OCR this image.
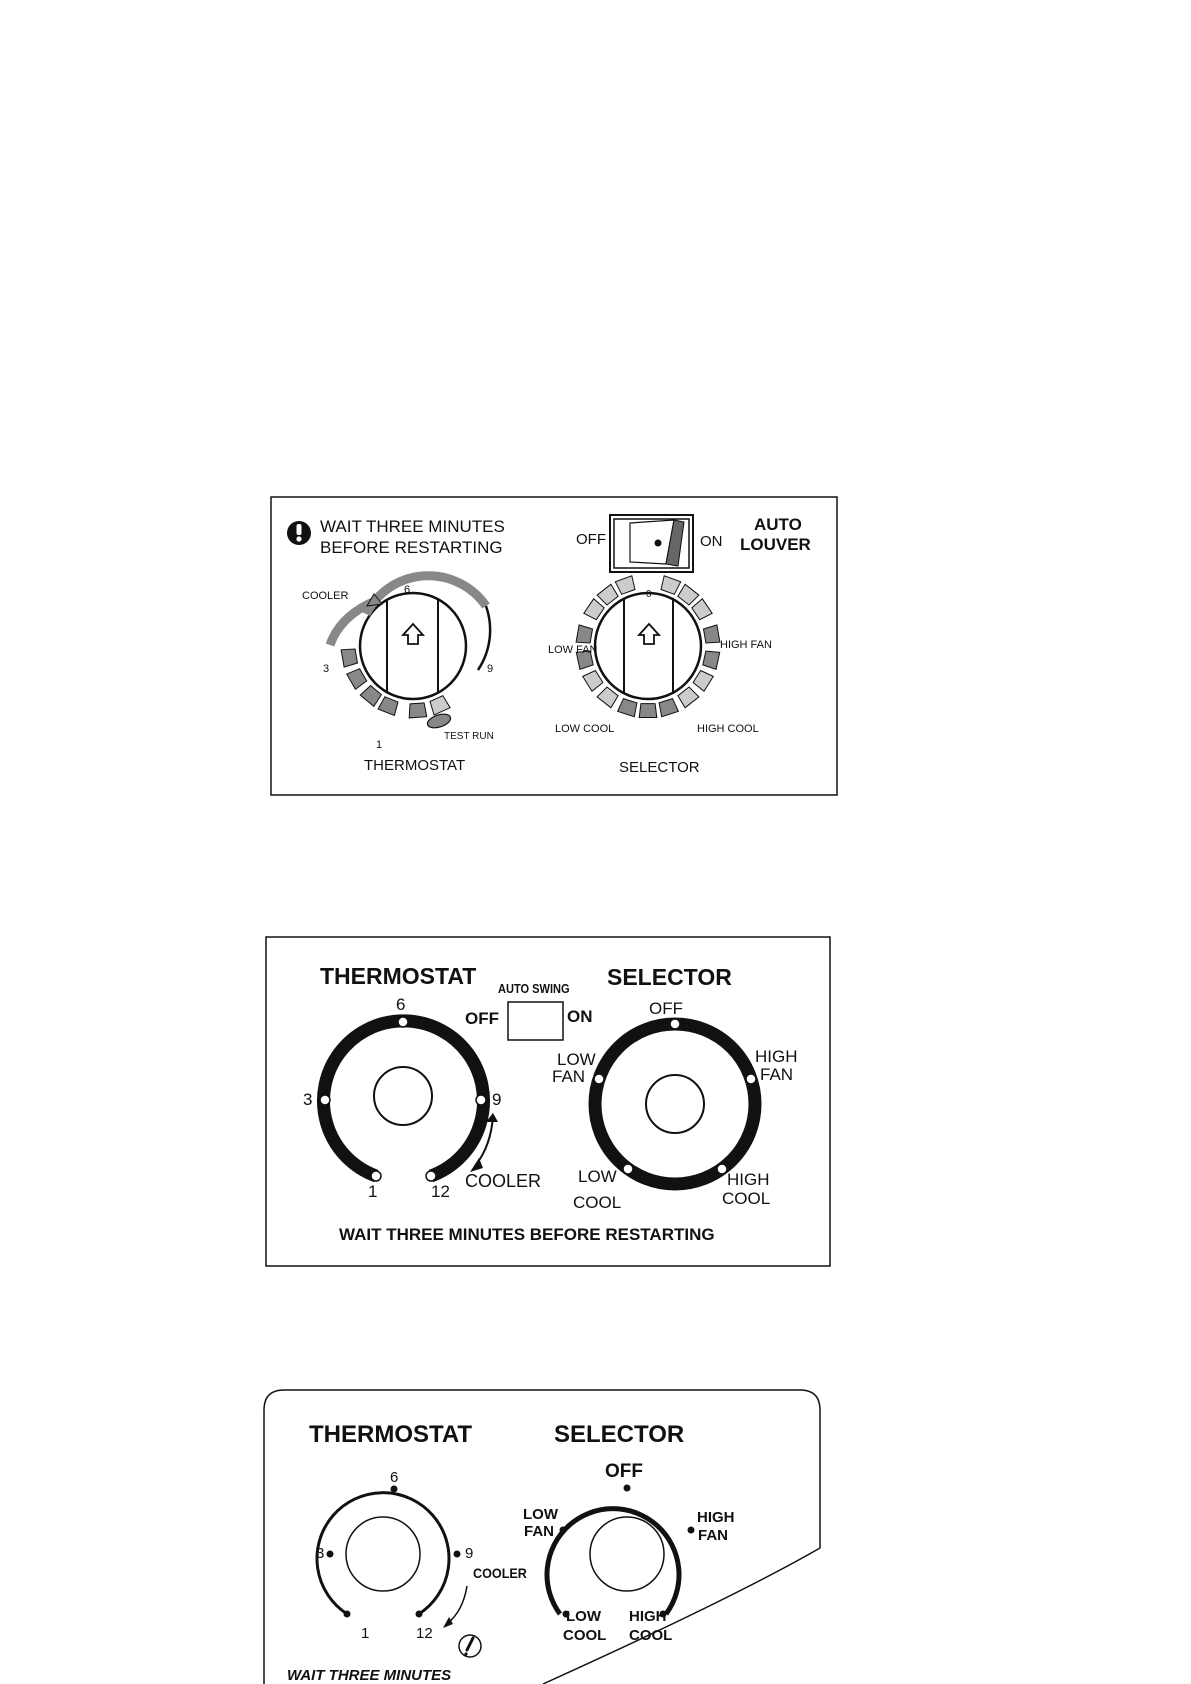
WAIT THREE MINUTES
BEFORE RESTARTING	OFF	ON
AUTO
LOUVER
COOLER	6
3	9
1
TEST RUN
THERMOSTAT
0
LOW FAN	HIGH FAN
LOW COOL	HIGH COOL
SELECTOR
THERMOSTAT AUTO SWING
OFF	ON
SELECTOR
6
3	9
1	12
COOLER
OFF
LOW
FAN
HIGH
FAN
LOW
COOL
HIGH
COOL
WAIT THREE MINUTES BEFORE RESTARTING
THERMOSTAT	SELECTOR
6
3	9
COOLER
1	12
OFF
LOW
FAN
HIGH
FAN
LOW
COOL
HIGH
COOL
WAIT THREE MINUTES
